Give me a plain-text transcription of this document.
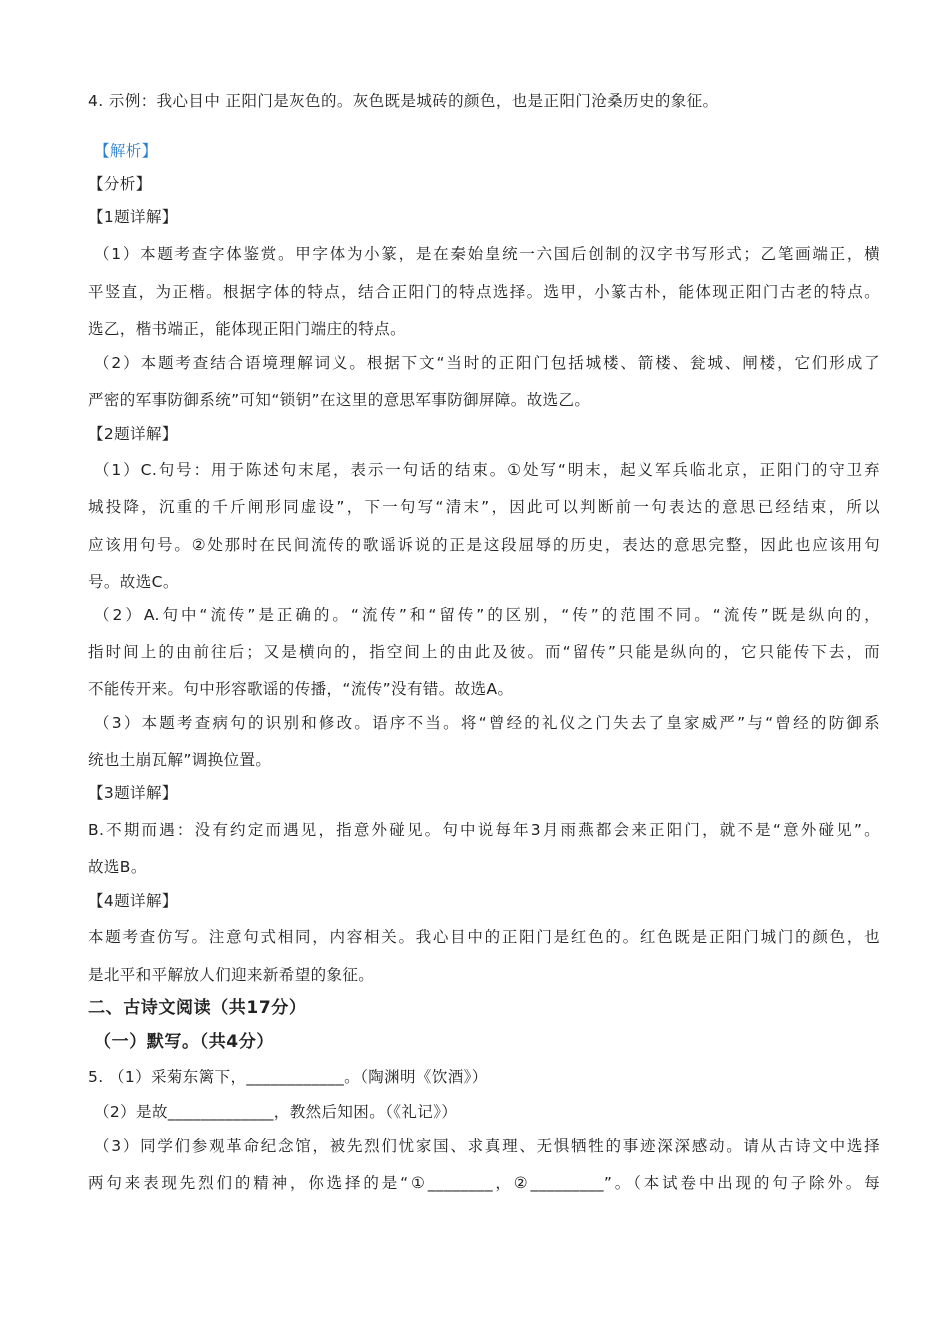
4. 示例：我心目中 正阳门是灰色的。灰色既是城砖的颜色，也是正阳门沧桑历史的象征。
【解析】
【分析】
【1题详解】
（1）本题考查字体鉴赏。甲字体为小篆，是在秦始皇统一六国后创制的汉字书写形式；乙笔画端正，横
平竖直，为正楷。根据字体的特点，结合正阳门的特点选择。选甲，小篆古朴，能体现正阳门古老的特点。
选乙，楷书端正，能体现正阳门端庄的特点。
（2）本题考查结合语境理解词义。根据下文“当时的正阳门包括城楼、箭楼、瓮城、闸楼，它们形成了
严密的军事防御系统”可知“锁钥”在这里的意思军事防御屏障。故选乙。
【2题详解】
（1）C.句号：用于陈述句末尾，表示一句话的结束。①处写“明末，起义军兵临北京，正阳门的守卫弃
城投降，沉重的千斤闸形同虚设”，下一句写“清末”，因此可以判断前一句表达的意思已经结束，所以
应该用句号。②处那时在民间流传的歌谣诉说的正是这段屈辱的历史，表达的意思完整，因此也应该用句
号。故选C。
（2）A.句中“流传”是正确的。“流传”和“留传”的区别，“传”的范围不同。“流传”既是纵向的，
指时间上的由前往后；又是横向的，指空间上的由此及彼。而“留传”只能是纵向的，它只能传下去，而
不能传开来。句中形容歌谣的传播，“流传”没有错。故选A。
（3）本题考查病句的识别和修改。语序不当。将“曾经的礼仪之门失去了皇家威严”与“曾经的防御系
统也土崩瓦解”调换位置。
【3题详解】
B.不期而遇：没有约定而遇见，指意外碰见。句中说每年3月雨燕都会来正阳门，就不是“意外碰见”。
故选B。
【4题详解】
本题考查仿写。注意句式相同，内容相关。我心目中的正阳门是红色的。红色既是正阳门城门的颜色，也
是北平和平解放人们迎来新希望的象征。
二、古诗文阅读（共17分）
（一）默写。（共4分）
5. （1）采菊东篱下，____________。（陶渊明《饮酒》）
（2）是故_____________，教然后知困。（《礼记》）
（3）同学们参观革命纪念馆，被先烈们忧家国、求真理、无惧牺牲的事迹深深感动。请从古诗文中选择
两句来表现先烈们的精神，你选择的是“①________，②_________”。（本试卷中出现的句子除外。每
